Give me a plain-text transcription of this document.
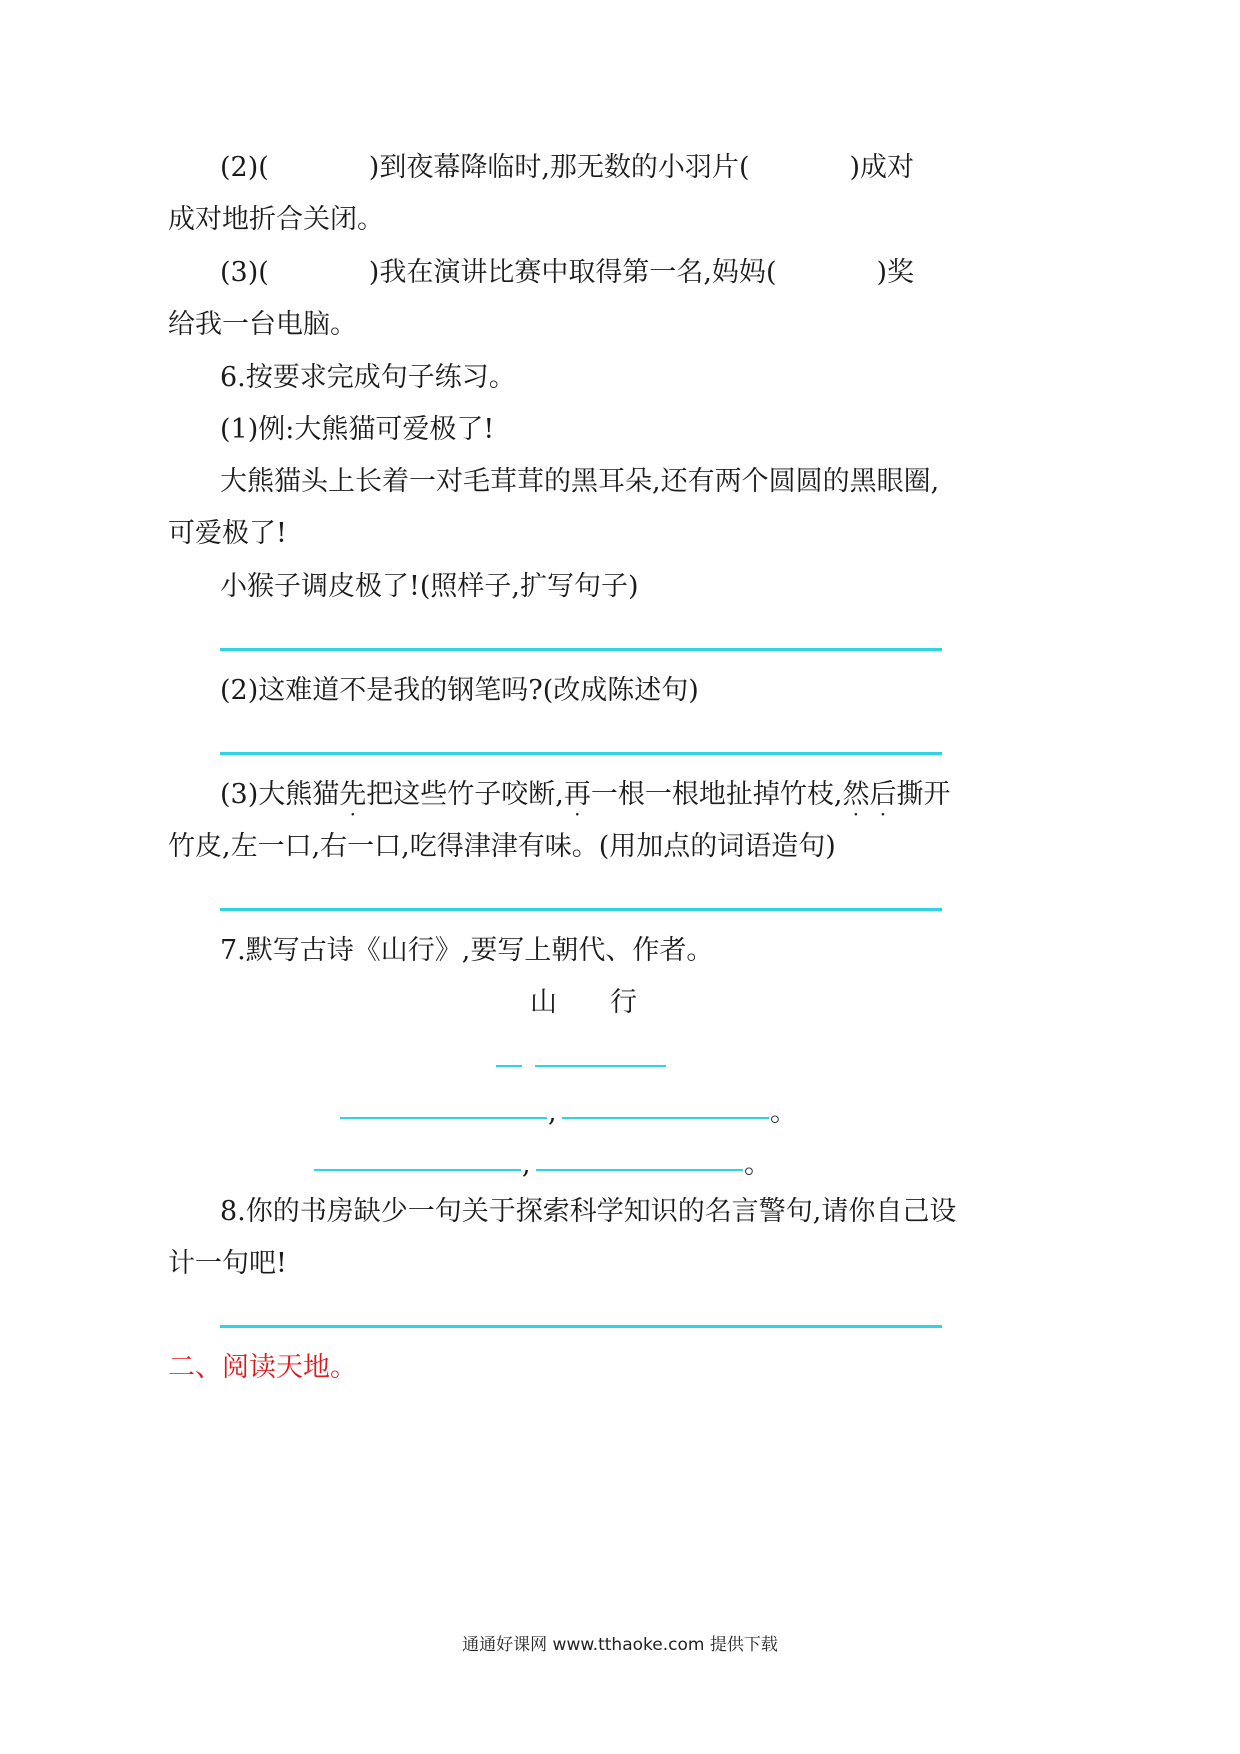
(2)(	)到夜幕降临时,那无数的小羽片(	)成对
成对地折合关闭。
(3)(	)我在演讲比赛中取得第一名,妈妈(	)奖
给我一台电脑。
6.按要求完成句子练习。
(1)例:大熊猫可爱极了!
大熊猫头上长着一对毛茸茸的黑耳朵,还有两个圆圆的黑眼圈,
可爱极了!
小猴子调皮极了!(照样子,扩写句子)
(2)这难道不是我的钢笔吗?(改成陈述句)
(3)大熊猫先把这些竹子咬断,再一根一根地扯掉竹枝,然后撕开
竹皮,左一口,右一口,吃得津津有味。(用加点的词语造句)
7.默写古诗《山行》,要写上朝代、作者。
山 行
,	。
,	。
8.你的书房缺少一句关于探索科学知识的名言警句,请你自己设
计一句吧!
二、阅读天地。
通通好课网 www.tthaoke.com 提供下载
